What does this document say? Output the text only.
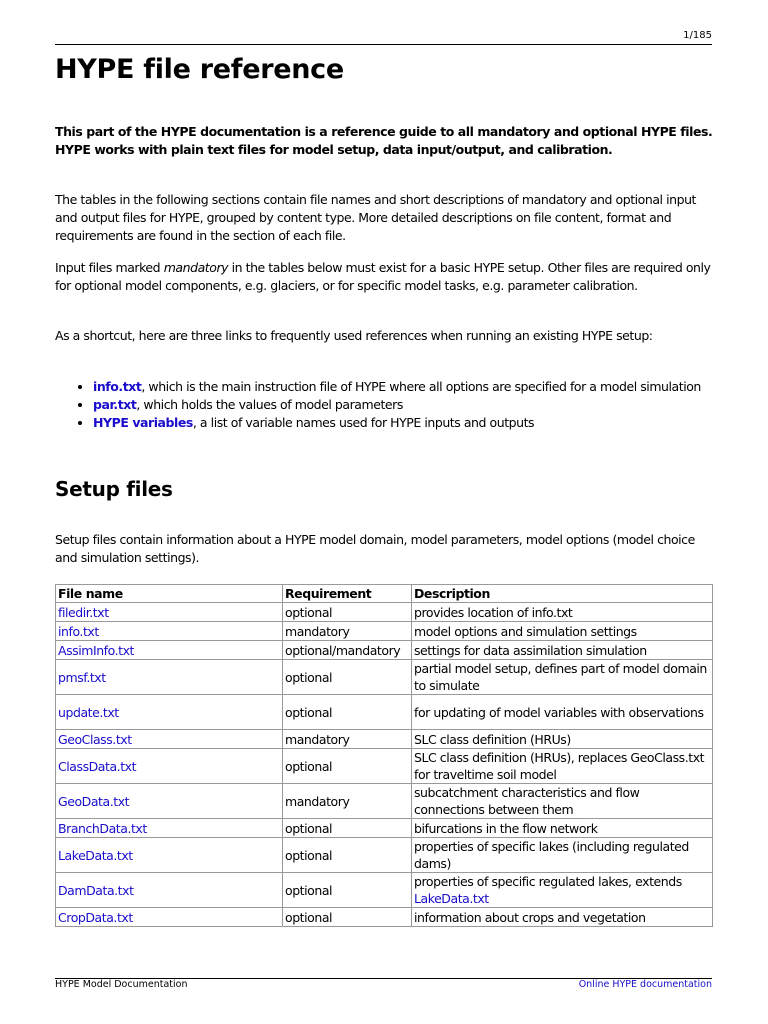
1/185
HYPE file reference
This part of the HYPE documentation is a reference guide to all mandatory and optional HYPE files. HYPE works with plain text files for model setup, data input/output, and calibration.
The tables in the following sections contain file names and short descriptions of mandatory and optional input and output files for HYPE, grouped by content type. More detailed descriptions on file content, format and requirements are found in the section of each file.
Input files marked mandatory in the tables below must exist for a basic HYPE setup. Other files are required only for optional model components, e.g. glaciers, or for specific model tasks, e.g. parameter calibration.
As a shortcut, here are three links to frequently used references when running an existing HYPE setup:
• info.txt, which is the main instruction file of HYPE where all options are specified for a model simulation
• par.txt, which holds the values of model parameters
• HYPE variables, a list of variable names used for HYPE inputs and outputs
Setup files
Setup files contain information about a HYPE model domain, model parameters, model options (model choice and simulation settings).
File name	Requirement	Description
filedir.txt	optional	provides location of info.txt
info.txt	mandatory	model options and simulation settings
AssimInfo.txt	optional/mandatory	settings for data assimilation simulation
pmsf.txt	optional	partial model setup, defines part of model domain to simulate
update.txt	optional	for updating of model variables with observations
GeoClass.txt	mandatory	SLC class definition (HRUs)
ClassData.txt	optional	SLC class definition (HRUs), replaces GeoClass.txt for traveltime soil model
GeoData.txt	mandatory	subcatchment characteristics and flow connections between them
BranchData.txt	optional	bifurcations in the flow network
LakeData.txt	optional	properties of specific lakes (including regulated dams)
DamData.txt	optional	properties of specific regulated lakes, extends LakeData.txt
CropData.txt	optional	information about crops and vegetation
HYPE Model Documentation	Online HYPE documentation
